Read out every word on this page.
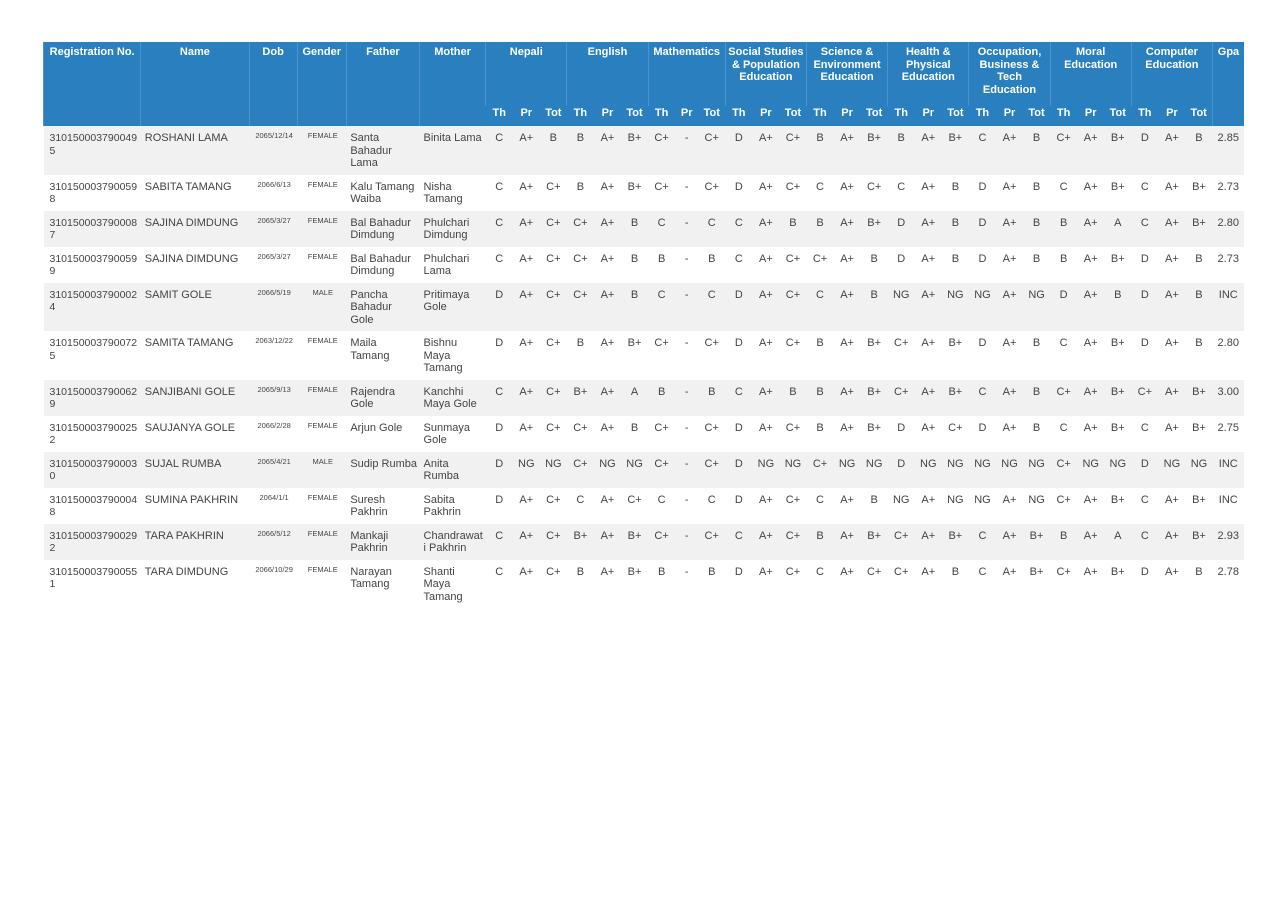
Registration No.	Name	Dob	Gender	Father	Mother	Nepali			English			Mathematics			Social Studies & Population Education			Science & Environment Education			Health & Physical Education			Occupation, Business & Tech Education			Moral Education			Computer Education			Gpa
						Th	Pr	Tot	Th	Pr	Tot	Th	Pr	Tot	Th	Pr	Tot	Th	Pr	Tot	Th	Pr	Tot	Th	Pr	Tot	Th	Pr	Tot	Th	Pr	Tot	
3101500037900495	ROSHANI LAMA	2065/12/14	FEMALE	Santa Bahadur Lama	Binita Lama	C	A+	B	B	A+	B+	C+	-	C+	D	A+	C+	B	A+	B+	B	A+	B+	C	A+	B	C+	A+	B+	D	A+	B	2.85
3101500037900598	SABITA TAMANG	2066/6/13	FEMALE	Kalu Tamang Waiba	Nisha Tamang	C	A+	C+	B	A+	B+	C+	-	C+	D	A+	C+	C	A+	C+	C	A+	B	D	A+	B	C	A+	B+	C	A+	B+	2.73
3101500037900087	SAJINA DIMDUNG	2065/3/27	FEMALE	Bal Bahadur Dimdung	Phulchari Dimdung	C	A+	C+	C+	A+	B	C	-	C	C	A+	B	B	A+	B+	D	A+	B	D	A+	B	B	A+	A	C	A+	B+	2.80
3101500037900599	SAJINA DIMDUNG	2065/3/27	FEMALE	Bal Bahadur Dimdung	Phulchari Lama	C	A+	C+	C+	A+	B	B	-	B	C	A+	C+	C+	A+	B	D	A+	B	D	A+	B	B	A+	B+	D	A+	B	2.73
3101500037900024	SAMIT GOLE	2066/5/19	MALE	Pancha Bahadur Gole	Pritimaya Gole	D	A+	C+	C+	A+	B	C	-	C	D	A+	C+	C	A+	B	NG	A+	NG	NG	A+	NG	D	A+	B	D	A+	B	INC
3101500037900725	SAMITA TAMANG	2063/12/22	FEMALE	Maila Tamang	Bishnu Maya Tamang	D	A+	C+	B	A+	B+	C+	-	C+	D	A+	C+	B	A+	B+	C+	A+	B+	D	A+	B	C	A+	B+	D	A+	B	2.80
3101500037900629	SANJIBANI GOLE	2065/9/13	FEMALE	Rajendra Gole	Kanchhi Maya Gole	C	A+	C+	B+	A+	A	B	-	B	C	A+	B	B	A+	B+	C+	A+	B+	C	A+	B	C+	A+	B+	C+	A+	B+	3.00
3101500037900252	SAUJANYA GOLE	2066/2/28	FEMALE	Arjun Gole	Sunmaya Gole	D	A+	C+	C+	A+	B	C+	-	C+	D	A+	C+	B	A+	B+	D	A+	C+	D	A+	B	C	A+	B+	C	A+	B+	2.75
3101500037900030	SUJAL RUMBA	2065/4/21	MALE	Sudip Rumba	Anita Rumba	D	NG	NG	C+	NG	NG	C+	-	C+	D	NG	NG	C+	NG	NG	D	NG	NG	NG	NG	NG	C+	NG	NG	D	NG	NG	INC
3101500037900048	SUMINA PAKHRIN	2064/1/1	FEMALE	Suresh Pakhrin	Sabita Pakhrin	D	A+	C+	C	A+	C+	C	-	C	D	A+	C+	C	A+	B	NG	A+	NG	NG	A+	NG	C+	A+	B+	C	A+	B+	INC
3101500037900292	TARA PAKHRIN	2066/5/12	FEMALE	Mankaji Pakhrin	Chandrawati Pakhrin	C	A+	C+	B+	A+	B+	C+	-	C+	C	A+	C+	B	A+	B+	C+	A+	B+	C	A+	B+	B	A+	A	C	A+	B+	2.93
3101500037900551	TARA DIMDUNG	2066/10/29	FEMALE	Narayan Tamang	Shanti Maya Tamang	C	A+	C+	B	A+	B+	B	-	B	D	A+	C+	C	A+	C+	C+	A+	B	C	A+	B+	C+	A+	B+	D	A+	B	2.78
